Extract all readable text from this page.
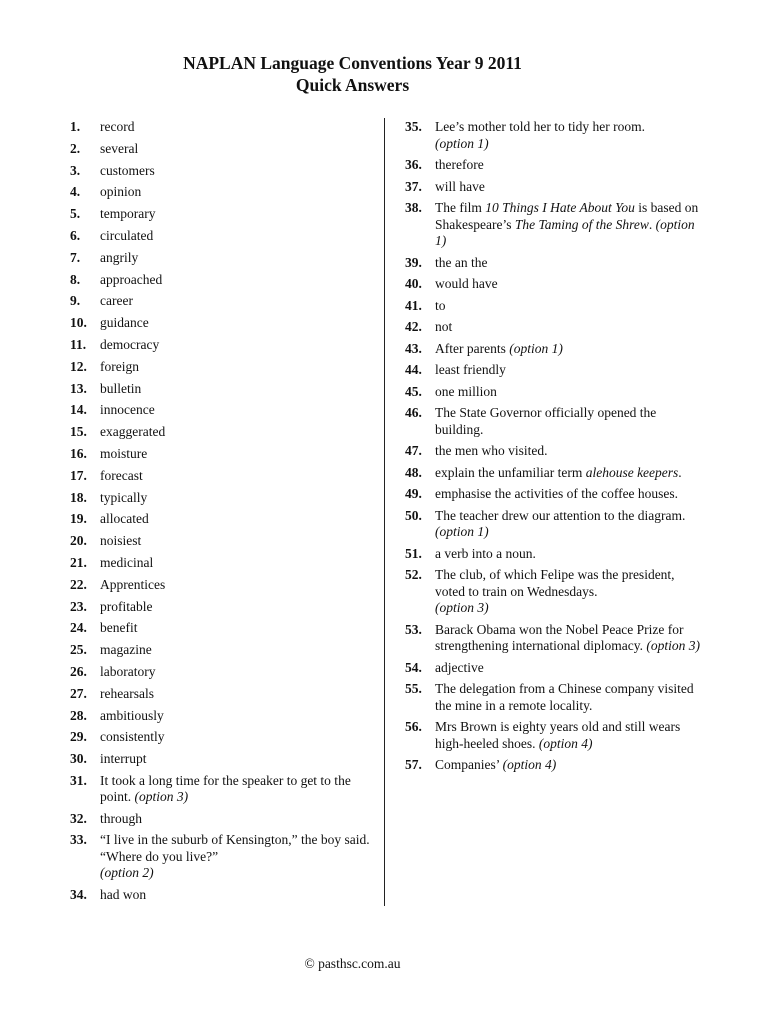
NAPLAN Language Conventions Year 9 2011
Quick Answers
1.	record
2.	several
3.	customers
4.	opinion
5.	temporary
6.	circulated
7.	angrily
8.	approached
9.	career
10. guidance
11.	democracy
12. foreign
13. bulletin
14. innocence
15. exaggerated
16. moisture
17. forecast
18. typically
19. allocated
20. noisiest
21. medicinal
22. Apprentices
23. profitable
24. benefit
25. magazine
26. laboratory
27. rehearsals
28. ambitiously
29. consistently
30. interrupt
31. It took a long time for the speaker to get to the point. (option 3)
32. through
33. “I live in the suburb of Kensington,” the boy said. “Where do you live?”
(option 2)
34. had won
35. Lee’s mother told her to tidy her room.
(option 1)
36. therefore
37. will have
38. The film 10 Things I Hate About You is based on Shakespeare’s The Taming of the Shrew. (option 1)
39. the an the
40. would have
41. to
42. not
43. After parents (option 1)
44. least friendly
45. one million
46. The State Governor officially opened the building.
47. the men who visited.
48. explain the unfamiliar term alehouse keepers.
49. emphasise the activities of the coffee houses.
50. The teacher drew our attention to the diagram. (option 1)
51. a verb into a noun.
52. The club, of which Felipe was the president, voted to train on Wednesdays.
(option 3)
53. Barack Obama won the Nobel Peace Prize for strengthening international diplomacy. (option 3)
54. adjective
55. The delegation from a Chinese company visited the mine in a remote locality.
56. Mrs Brown is eighty years old and still wears high-heeled shoes. (option 4)
57. Companies’ (option 4)
© pasthsc.com.au
